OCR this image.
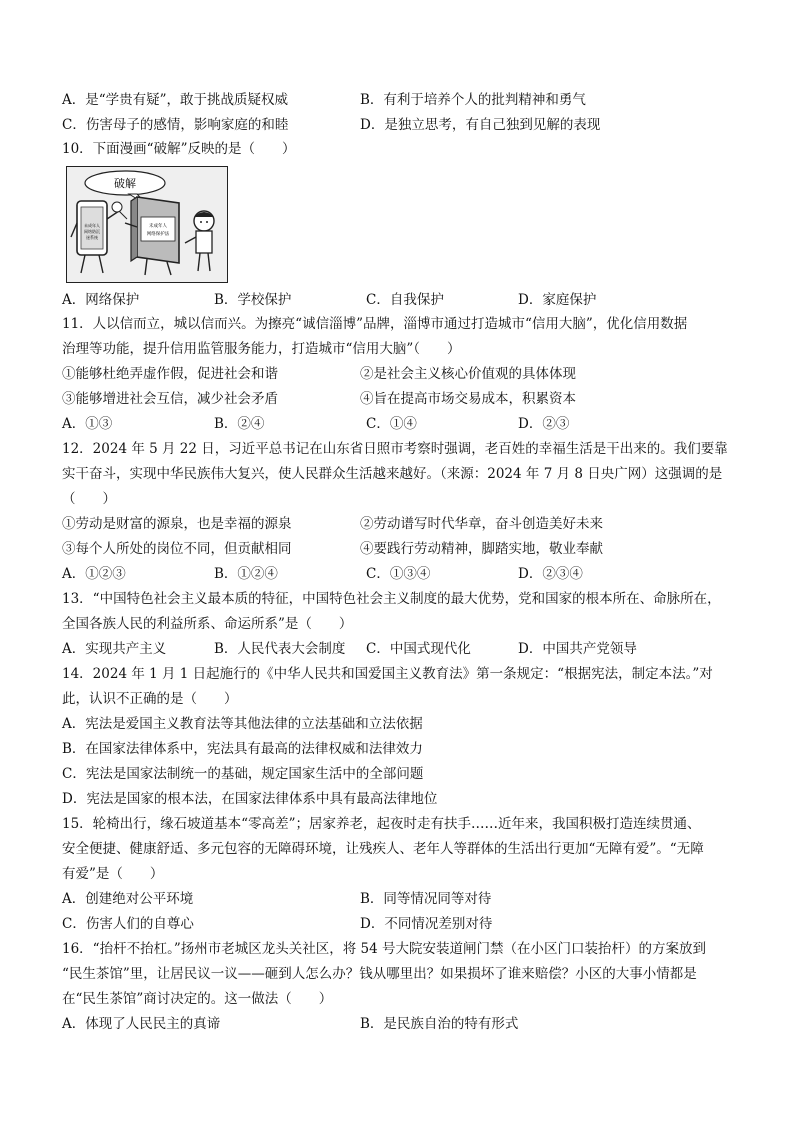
A．是“学贵有疑”，敢于挑战质疑权威	B．有利于培养个人的批判精神和勇气
C．伤害母子的感情，影响家庭的和睦	D．是独立思考，有自己独到见解的表现
10．下面漫画“破解”反映的是（　　）
破解
未成年人
网络防沉
迷系统
未成年人
网络保护法
A．网络保护	B．学校保护	C．自我保护	D．家庭保护
11．人以信而立，城以信而兴。为擦亮“诚信淄博”品牌，淄博市通过打造城市“信用大脑”，优化信用数据
治理等功能，提升信用监管服务能力，打造城市“信用大脑”（　　）
①能够杜绝弄虚作假，促进社会和谐	②是社会主义核心价值观的具体体现
③能够增进社会互信，减少社会矛盾	④旨在提高市场交易成本，积累资本
A．①③	B．②④	C．①④	D．②③
12．2024 年 5 月 22 日，习近平总书记在山东省日照市考察时强调，老百姓的幸福生活是干出来的。我们要靠
实干奋斗，实现中华民族伟大复兴，使人民群众生活越来越好。（来源：2024 年 7 月 8 日央广网）这强调的是
（　　）
①劳动是财富的源泉，也是幸福的源泉	②劳动谱写时代华章，奋斗创造美好未来
③每个人所处的岗位不同，但贡献相同	④要践行劳动精神，脚踏实地，敬业奉献
A．①②③	B．①②④	C．①③④	D．②③④
13．“中国特色社会主义最本质的特征，中国特色社会主义制度的最大优势，党和国家的根本所在、命脉所在，
全国各族人民的利益所系、命运所系”是（　　）
A．实现共产主义	B．人民代表大会制度 C．中国式现代化	D．中国共产党领导
14．2024 年 1 月 1 日起施行的《中华人民共和国爱国主义教育法》第一条规定：“根据宪法，制定本法。”对
此，认识不正确的是（　　）
A．宪法是爱国主义教育法等其他法律的立法基础和立法依据
B．在国家法律体系中，宪法具有最高的法律权威和法律效力
C．宪法是国家法制统一的基础，规定国家生活中的全部问题
D．宪法是国家的根本法，在国家法律体系中具有最高法律地位
15．轮椅出行，缘石坡道基本“零高差”；居家养老，起夜时走有扶手……近年来，我国积极打造连续贯通、
安全便捷、健康舒适、多元包容的无障碍环境，让残疾人、老年人等群体的生活出行更加“无障有爱”。“无障
有爱”是（　　）
A．创建绝对公平环境	B．同等情况同等对待
C．伤害人们的自尊心	D．不同情况差别对待
16．“抬杆不抬杠。”扬州市老城区龙头关社区，将 54 号大院安装道闸门禁（在小区门口装抬杆）的方案放到
“民生茶馆”里，让居民议一议——砸到人怎么办？钱从哪里出？如果损坏了谁来赔偿？小区的大事小情都是
在“民生茶馆”商讨决定的。这一做法（　　）
A．体现了人民民主的真谛	B．是民族自治的特有形式
